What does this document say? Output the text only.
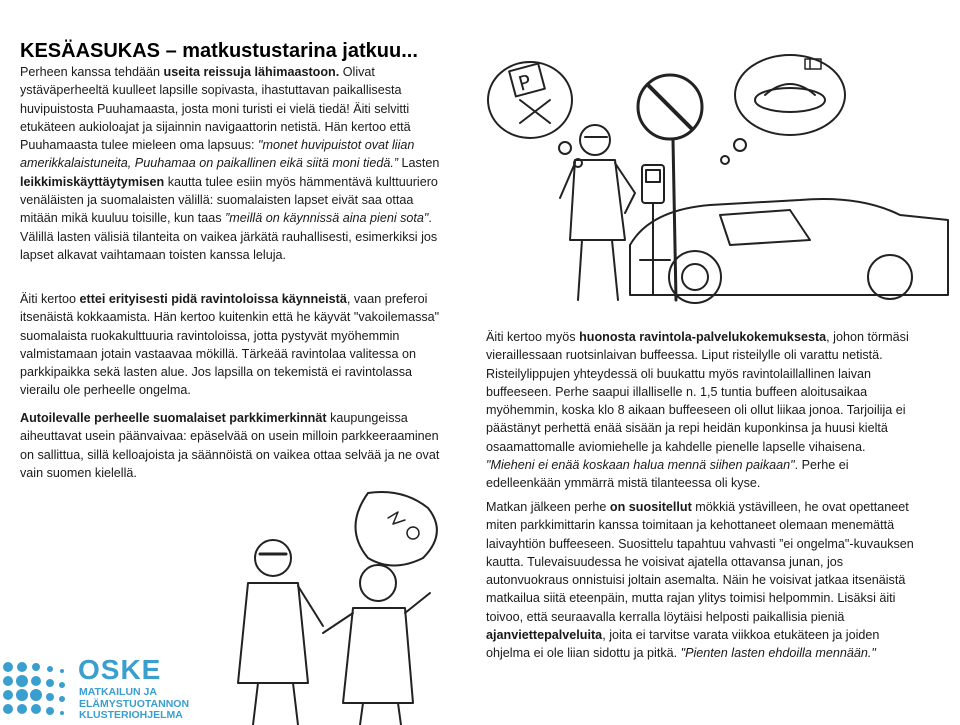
KESÄASUKAS – matkustustarina jatkuu...

Perheen kanssa tehdään useita reissuja lähimaastoon. Olivat ystäväperheeltä kuulleet lapsille sopivasta, ihastuttavan paikallisesta huvipuistosta Puuhamaasta, josta moni turisti ei vielä tiedä! Äiti selvitti etukäteen aukioloajat ja sijainnin navigaattorin netistä. Hän kertoo että Puuhamaasta tulee mieleen oma lapsuus: "monet huvipuistot ovat liian amerikkalaistuneita, Puuhamaa on paikallinen eikä siitä moni tiedä.” Lasten leikkimiskäyttäytymisen kautta tulee esiin myös hämmentävä kulttuuriero venäläisten ja suomalaisten välillä: suomalaisten lapset eivät saa ottaa mitään mikä kuuluu toisille, kun taas ”meillä on käynnissä aina pieni sota". Välillä lasten välisiä tilanteita on vaikea järkätä rauhallisesti, esimerkiksi jos lapset alkavat vaihtamaan toisten kanssa leluja.

Äiti kertoo ettei erityisesti pidä ravintoloissa käynneistä, vaan preferoi itsenäistä kokkaamista. Hän kertoo kuitenkin että he käyvät "vakoilemassa" suomalaista ruokakulttuuria ravintoloissa, jotta pystyvät myöhemmin valmistamaan jotain vastaavaa mökillä. Tärkeää ravintolaa valitessa on parkkipaikka sekä lasten alue. Jos lapsilla on tekemistä ei ravintolassa vierailu ole perheelle ongelma.

Autoilevalle perheelle suomalaiset parkkimerkinnät kaupungeissa aiheuttavat usein päänvaivaa: epäselvää on usein milloin parkkeeraaminen on sallittua, sillä kelloajoista ja säännöistä on vaikea ottaa selvää ja ne ovat vain suomen kielellä.

Äiti kertoo myös huonosta ravintola-palvelukokemuksesta, johon törmäsi vieraillessaan ruotsinlaivan buffeessa. Liput risteilylle oli varattu netistä. Risteilylippujen yhteydessä oli buukattu myös ravintolaillallinen laivan buffeeseen. Perhe saapui illalliselle n. 1,5 tuntia buffeen aloitusaikaa myöhemmin, koska klo 8 aikaan buffeeseen oli ollut liikaa jonoa. Tarjoilija ei päästänyt perhettä enää sisään ja repi heidän kuponkinsa ja huusi kieltä osaamattomalle aviomiehelle ja kahdelle pienelle lapselle vihaisena. "Mieheni ei enää koskaan halua mennä siihen paikaan". Perhe ei edelleenkään ymmärrä mistä tilanteessa oli kyse.

Matkan jälkeen perhe on suositellut mökkiä ystävilleen, he ovat opettaneet miten parkkimittarin kanssa toimitaan ja kehottaneet olemaan menemättä laivayhtiön buffeeseen. Suosittelu tapahtuu vahvasti ”ei ongelma"-kuvauksen kautta. Tulevaisuudessa he voisivat ajatella ottavansa junan, jos autonvuokraus onnistuisi joltain asemalta. Näin he voisivat jatkaa itsenäistä matkailua siitä eteenpäin, mutta rajan ylitys toimisi helpommin. Lisäksi äiti toivoo, että seuraavalla kerralla löytäisi helposti paikallisia pieniä ajanviettepalveluita, joita ei tarvitse varata viikkoa etukäteen ja joiden ohjelma ei ole liian sidottu ja pitkä. "Pienten lasten ehdoilla mennään."

P
OSKE
MATKAILUN JA
ELÄMYSTUOTANNON
KLUSTERIOHJELMA
